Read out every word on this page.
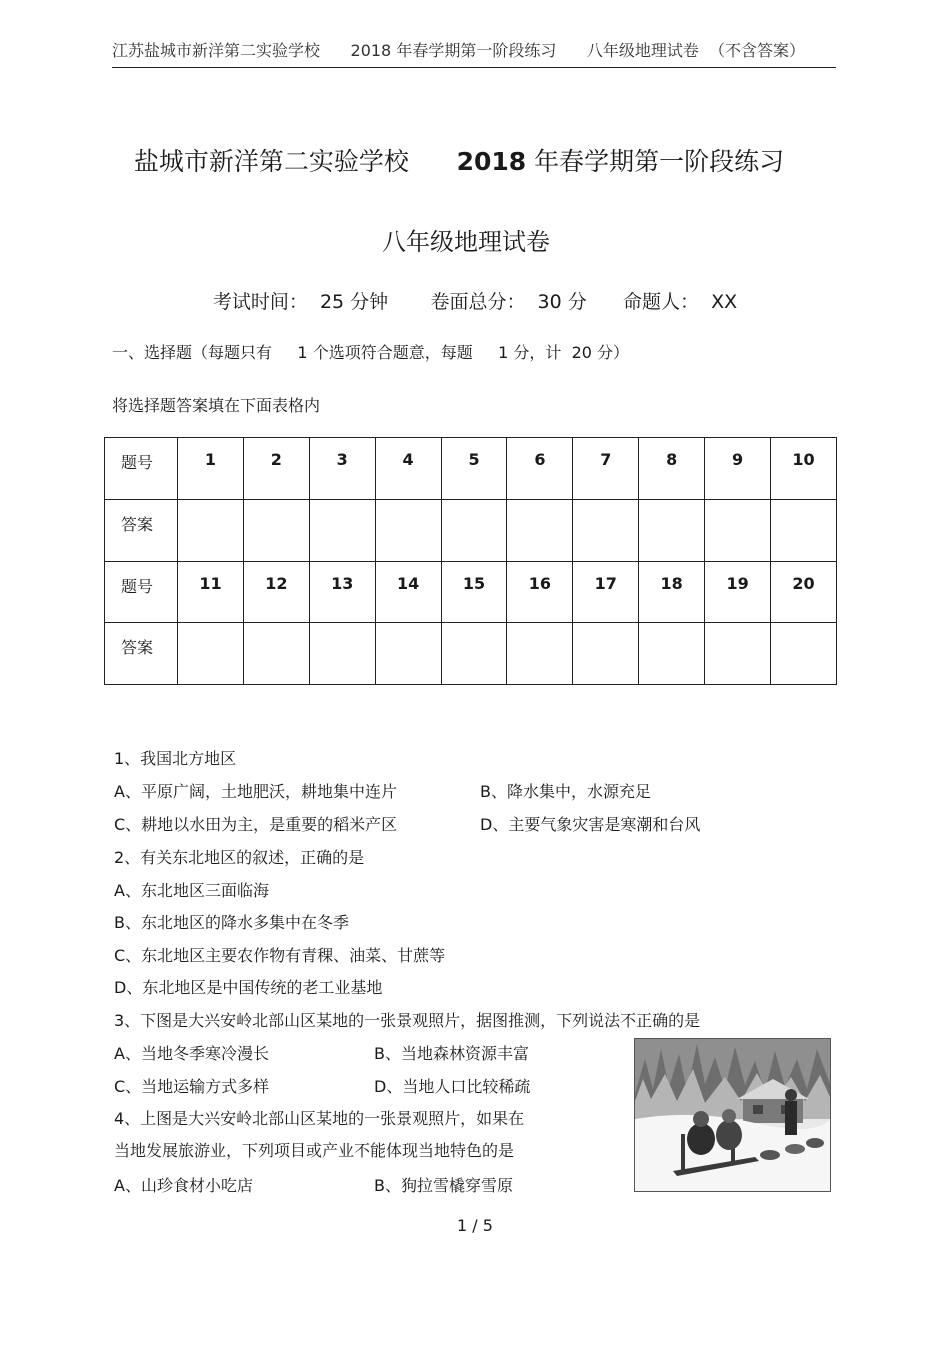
江苏盐城市新洋第二实验学校      2018 年春学期第一阶段练习      八年级地理试卷  （不含答案）
盐城市新洋第二实验学校 2018 年春学期第一阶段练习
八年级地理试卷
考试时间：  25 分钟       卷面总分：  30 分      命题人：  XX
一、选择题（每题只有     1 个选项符合题意，每题     1 分，计  20 分）
将选择题答案填在下面表格内
题号	1	2	3	4	5	6	7	8	9	10
答案										
题号	11	12	13	14	15	16	17	18	19	20
答案										
1、我国北方地区
A、平原广阔，土地肥沃，耕地集中连片	B、降水集中，水源充足
C、耕地以水田为主，是重要的稻米产区	D、主要气象灾害是寒潮和台风
2、有关东北地区的叙述，正确的是
A、东北地区三面临海
B、东北地区的降水多集中在冬季
C、东北地区主要农作物有青稞、油菜、甘蔗等
D、东北地区是中国传统的老工业基地
3、下图是大兴安岭北部山区某地的一张景观照片，据图推测，下列说法不正确的是
A、当地冬季寒冷漫长	B、当地森林资源丰富
C、当地运输方式多样	D、当地人口比较稀疏
4、上图是大兴安岭北部山区某地的一张景观照片，如果在
当地发展旅游业，下列项目或产业不能体现当地特色的是
A、山珍食材小吃店	B、狗拉雪橇穿雪原
1 / 5
